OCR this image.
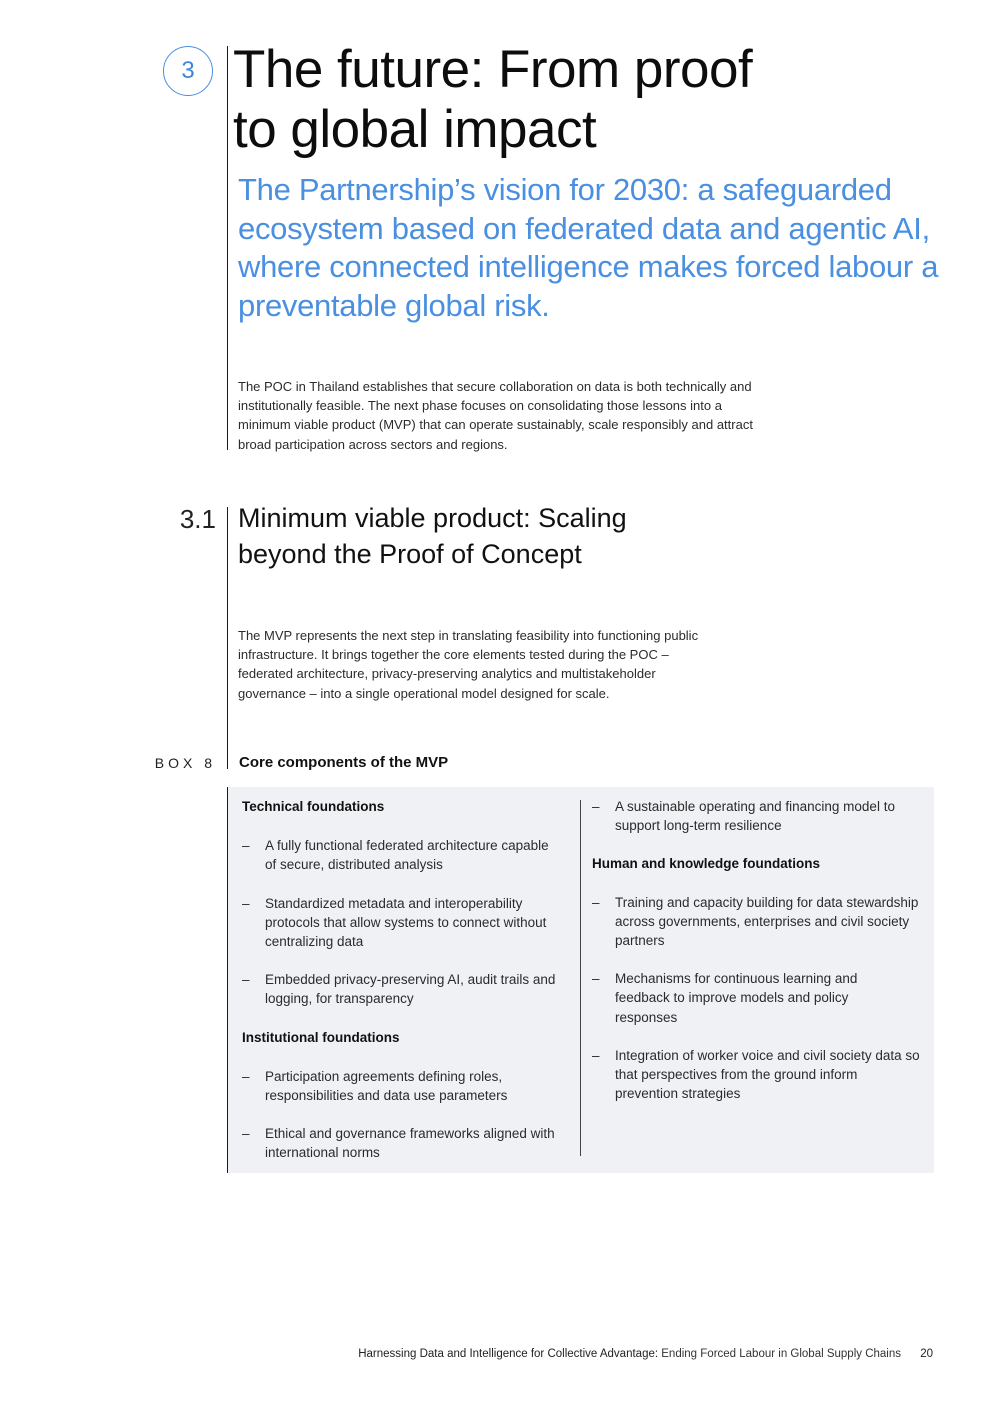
3 The future: From proof
to global impact

The Partnership’s vision for 2030: a safeguarded ecosystem based on federated data and agentic AI, where connected intelligence makes forced labour a preventable global risk.

The POC in Thailand establishes that secure collaboration on data is both technically and institutionally feasible. The next phase focuses on consolidating those lessons into a minimum viable product (MVP) that can operate sustainably, scale responsibly and attract broad participation across sectors and regions.

3.1 Minimum viable product: Scaling
beyond the Proof of Concept

The MVP represents the next step in translating feasibility into functioning public infrastructure. It brings together the core elements tested during the POC – federated architecture, privacy-preserving analytics and multistakeholder governance – into a single operational model designed for scale.

BOX 8 Core components of the MVP

Technical foundations

– A fully functional federated architecture capable of secure, distributed analysis

– Standardized metadata and interoperability protocols that allow systems to connect without centralizing data

– Embedded privacy-preserving AI, audit trails and logging, for transparency

Institutional foundations

– Participation agreements defining roles, responsibilities and data use parameters

– Ethical and governance frameworks aligned with international norms

– A sustainable operating and financing model to support long-term resilience

Human and knowledge foundations

– Training and capacity building for data stewardship across governments, enterprises and civil society partners

– Mechanisms for continuous learning and feedback to improve models and policy responses

– Integration of worker voice and civil society data so that perspectives from the ground inform prevention strategies

Harnessing Data and Intelligence for Collective Advantage: Ending Forced Labour in Global Supply Chains 20
